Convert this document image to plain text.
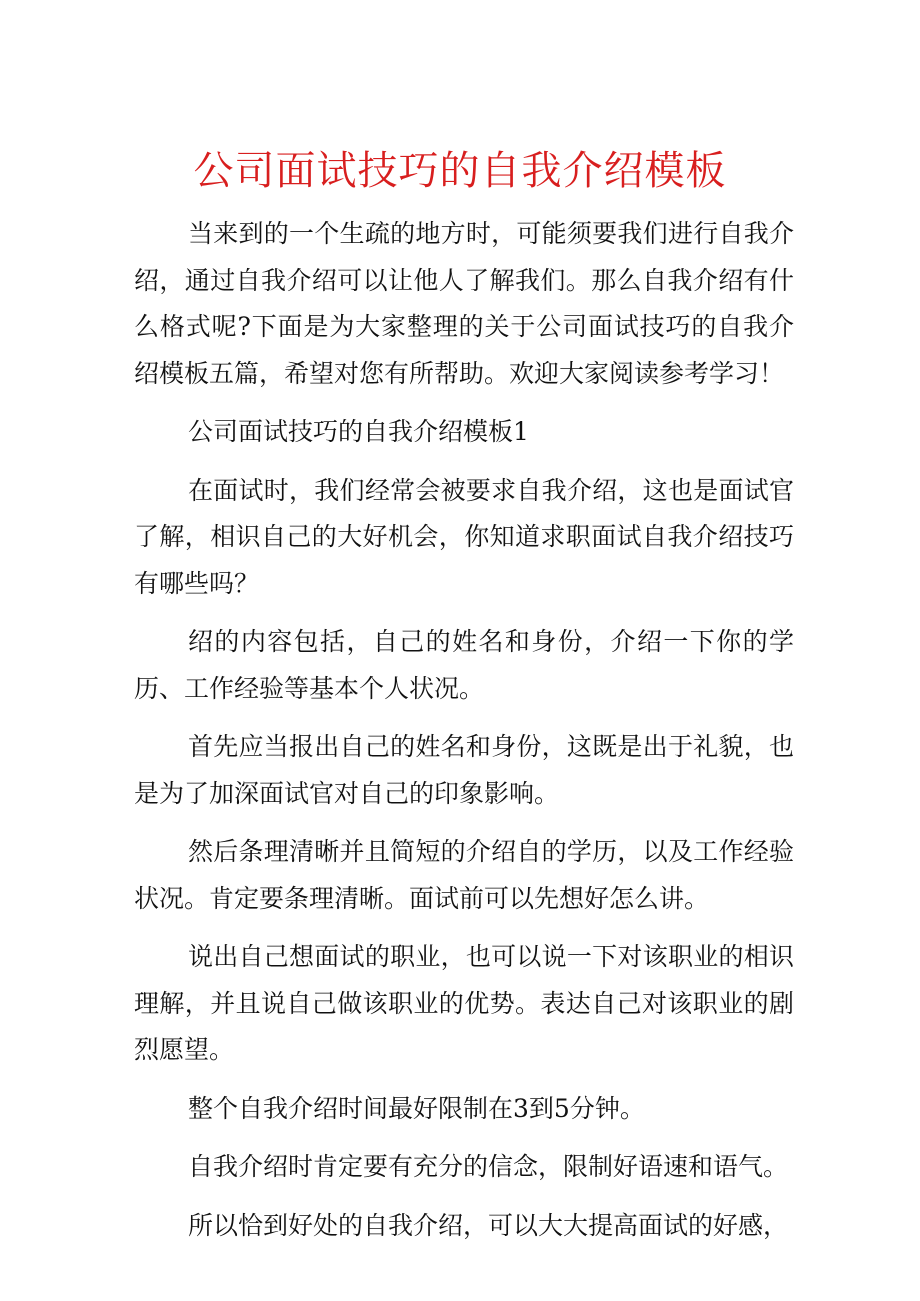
公司面试技巧的自我介绍模板

当来到的一个生疏的地方时，可能须要我们进行自我介绍，通过自我介绍可以让他人了解我们。那么自我介绍有什么格式呢?下面是为大家整理的关于公司面试技巧的自我介绍模板五篇，希望对您有所帮助。欢迎大家阅读参考学习！

公司面试技巧的自我介绍模板1

在面试时，我们经常会被要求自我介绍，这也是面试官了解，相识自己的大好机会，你知道求职面试自我介绍技巧有哪些吗？

绍的内容包括，自己的姓名和身份，介绍一下你的学历、工作经验等基本个人状况。

首先应当报出自己的姓名和身份，这既是出于礼貌，也是为了加深面试官对自己的印象影响。

然后条理清晰并且简短的介绍自的学历，以及工作经验状况。肯定要条理清晰。面试前可以先想好怎么讲。

说出自己想面试的职业，也可以说一下对该职业的相识理解，并且说自己做该职业的优势。表达自己对该职业的剧烈愿望。

整个自我介绍时间最好限制在3到5分钟。

自我介绍时肯定要有充分的信念，限制好语速和语气。

所以恰到好处的自我介绍，可以大大提高面试的好感，
